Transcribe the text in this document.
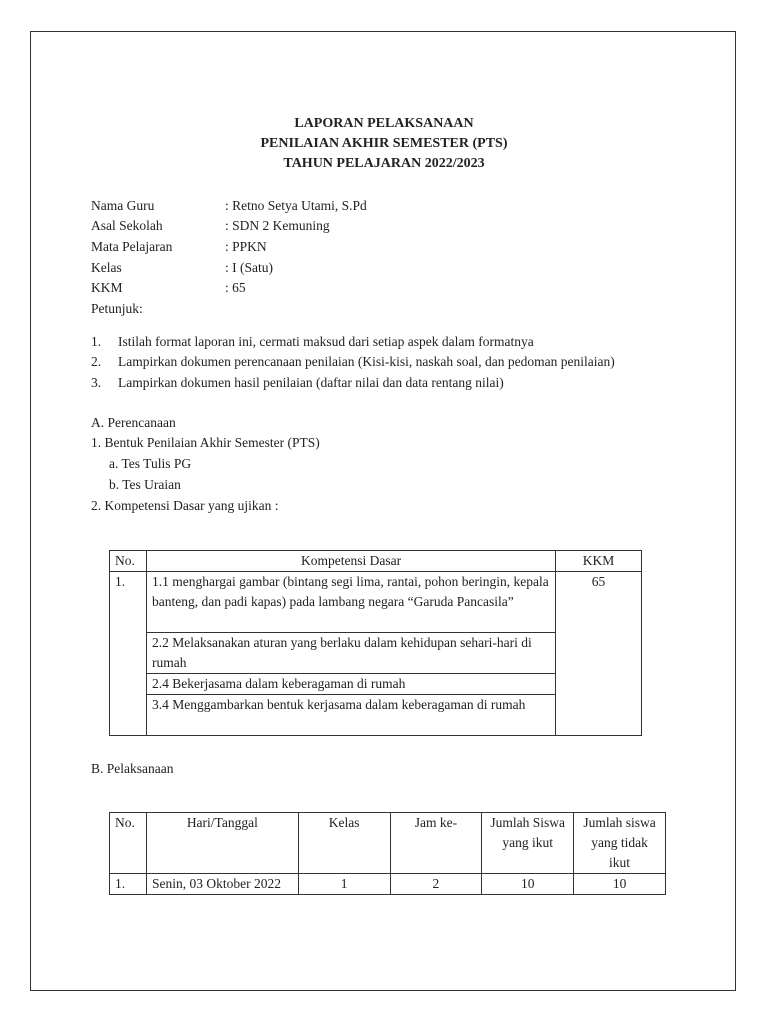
LAPORAN PELAKSANAAN
PENILAIAN AKHIR SEMESTER (PTS)
TAHUN PELAJARAN 2022/2023
Nama Guru	: Retno Setya Utami, S.Pd
Asal Sekolah	: SDN 2 Kemuning
Mata Pelajaran	: PPKN
Kelas	: I (Satu)
KKM	: 65
Petunjuk:
1. Istilah format laporan ini, cermati maksud dari setiap aspek dalam formatnya
2. Lampirkan dokumen perencanaan penilaian (Kisi-kisi, naskah soal, dan pedoman penilaian)
3. Lampirkan dokumen hasil penilaian (daftar nilai dan data rentang nilai)
A. Perencanaan
1. Bentuk Penilaian Akhir Semester (PTS)
a. Tes Tulis PG
b. Tes Uraian
2. Kompetensi Dasar yang ujikan :
No.	Kompetensi Dasar	KKM
1.	1.1 menghargai gambar (bintang segi lima, rantai, pohon beringin, kepala banteng, dan padi kapas) pada lambang negara “Garuda Pancasila”	65
	2.2 Melaksanakan aturan yang berlaku dalam kehidupan sehari-hari di rumah	
	2.4 Bekerjasama dalam keberagaman di rumah	
	3.4 Menggambarkan bentuk kerjasama dalam keberagaman di rumah	
B. Pelaksanaan
No.	Hari/Tanggal	Kelas	Jam ke-	Jumlah Siswa yang ikut	Jumlah siswa yang tidak ikut
1.	Senin, 03 Oktober 2022	1	2	10	10
